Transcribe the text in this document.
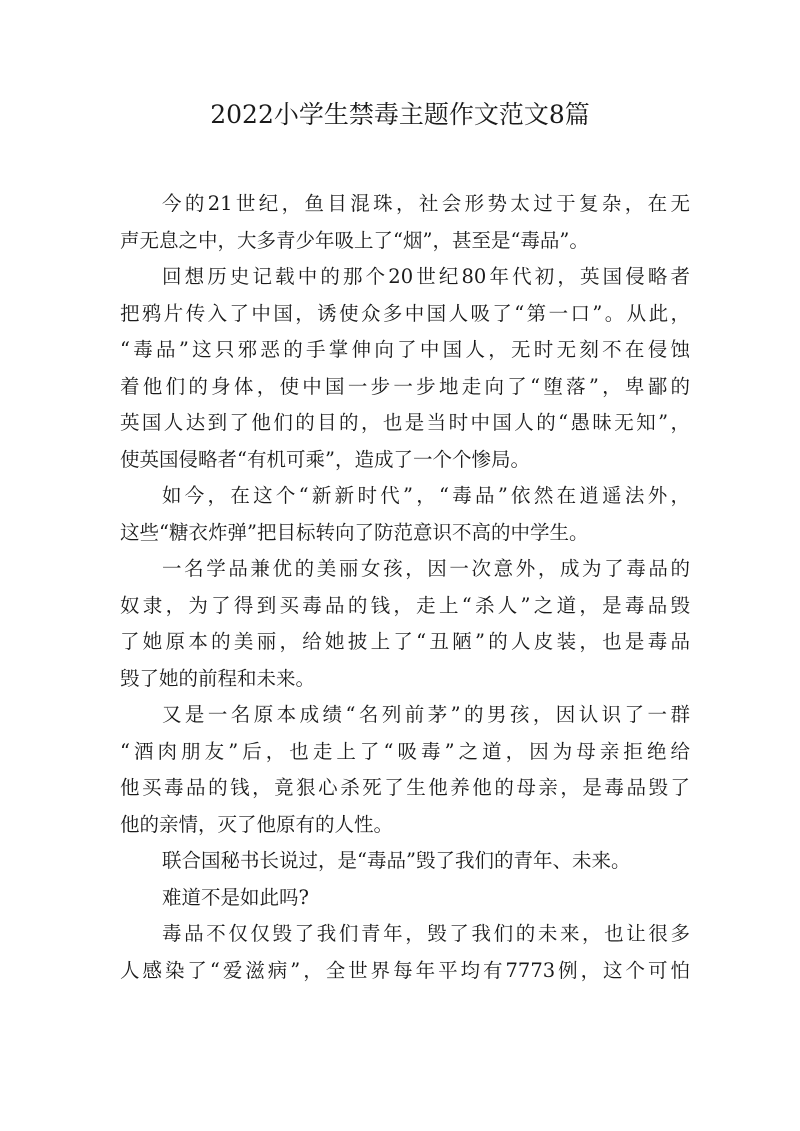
2022小学生禁毒主题作文范文8篇
今的21世纪，鱼目混珠，社会形势太过于复杂，在无
声无息之中，大多青少年吸上了“烟”，甚至是“毒品”。
回想历史记载中的那个20世纪80年代初，英国侵略者
把鸦片传入了中国，诱使众多中国人吸了“第一口”。从此，
“毒品”这只邪恶的手掌伸向了中国人，无时无刻不在侵蚀
着他们的身体，使中国一步一步地走向了“堕落”，卑鄙的
英国人达到了他们的目的，也是当时中国人的“愚昧无知”，
使英国侵略者“有机可乘”，造成了一个个惨局。
如今，在这个“新新时代”，“毒品”依然在逍遥法外，
这些“糖衣炸弹”把目标转向了防范意识不高的中学生。
一名学品兼优的美丽女孩，因一次意外，成为了毒品的
奴隶，为了得到买毒品的钱，走上“杀人”之道，是毒品毁
了她原本的美丽，给她披上了“丑陋”的人皮装，也是毒品
毁了她的前程和未来。
又是一名原本成绩“名列前茅”的男孩，因认识了一群
“酒肉朋友”后，也走上了“吸毒”之道，因为母亲拒绝给
他买毒品的钱，竟狠心杀死了生他养他的母亲，是毒品毁了
他的亲情，灭了他原有的人性。
联合国秘书长说过，是“毒品”毁了我们的青年、未来。
难道不是如此吗?
毒品不仅仅毁了我们青年，毁了我们的未来，也让很多
人感染了“爱滋病”，全世界每年平均有7773例，这个可怕
